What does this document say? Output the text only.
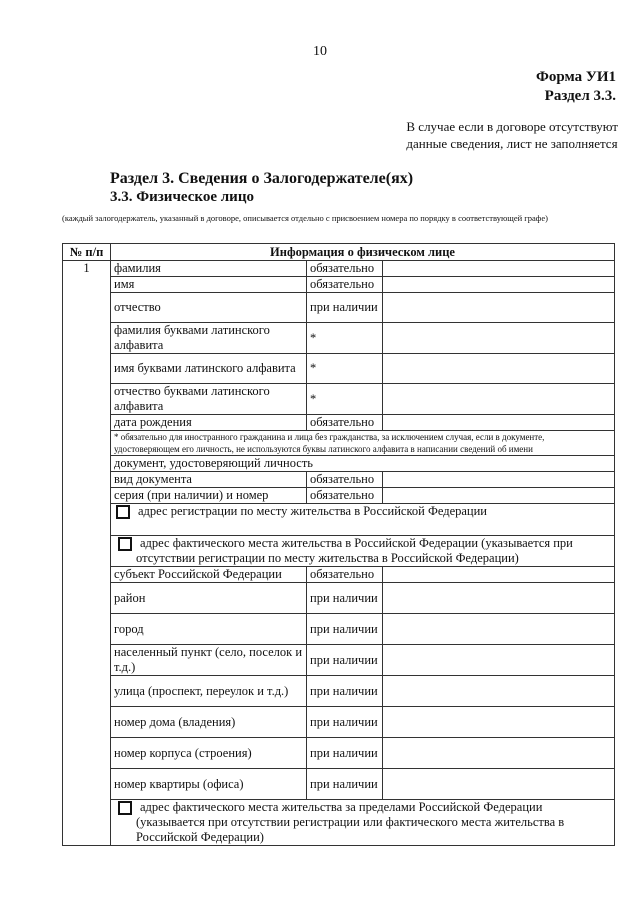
10
Форма УИ1
Раздел 3.3.
В случае если в договоре отсутствуют
данные сведения, лист не заполняется
Раздел 3. Сведения о Залогодержателе(ях)
3.3. Физическое лицо
(каждый залогодержатель, указанный в договоре, описывается отдельно с присвоением номера по порядку в соответствующей графе)
№ п/п	Информация о физическом лице		
1	фамилия	обязательно	
	имя	обязательно	
	отчество	при наличии	
	фамилия буквами латинского алфавита	*	
	имя буквами латинского алфавита	*	
	отчество буквами латинского алфавита	*	
	дата рождения	обязательно	
	* обязательно для иностранного гражданина и лица без гражданства, за исключением случая, если в документе, удостоверяющем его личность, не используются буквы латинского алфавита в написании сведений об имени		
	документ, удостоверяющий личность		
	вид документа	обязательно	
	серия (при наличии) и номер	обязательно	
	адрес регистрации по месту жительства в Российской Федерации		
	адрес фактического места жительства в Российской Федерации (указывается при отсутствии регистрации по месту жительства в Российской Федерации)		
	субъект Российской Федерации	обязательно	
	район	при наличии	
	город	при наличии	
	населенный пункт (село, поселок и т.д.)	при наличии	
	улица (проспект, переулок и т.д.)	при наличии	
	номер дома (владения)	при наличии	
	номер корпуса (строения)	при наличии	
	номер квартиры (офиса)	при наличии	
	адрес фактического места жительства за пределами Российской Федерации (указывается при отсутствии регистрации или фактического места жительства в Российской Федерации)		
